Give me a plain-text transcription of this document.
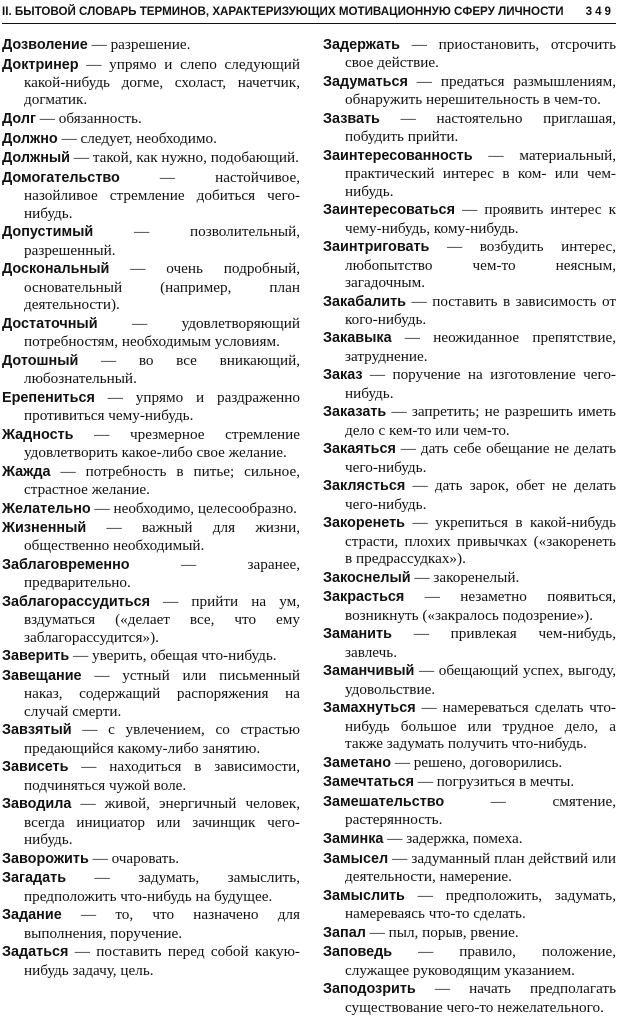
II. БЫТОВОЙ СЛОВАРЬ ТЕРМИНОВ, ХАРАКТЕРИЗУЮЩИХ МОТИВАЦИОННУЮ СФЕРУ ЛИЧНОСТИ 349

Дозволение — разрешение.

Доктринер — упрямо и слепо следующий какой-нибудь догме, схоласт, начетчик, догматик.

Долг — обязанность.

Должно — следует, необходимо.

Должный — такой, как нужно, подобающий.

Домогательство — настойчивое, назойливое стремление добиться чего-нибудь.

Допустимый — позволительный, разрешенный.

Доскональный — очень подробный, основательный (например, план деятельности).

Достаточный — удовлетворяющий потребностям, необходимым условиям.

Дотошный — во все вникающий, любознательный.

Ерепениться — упрямо и раздраженно противиться чему-нибудь.

Жадность — чрезмерное стремление удовлетворить какое-либо свое желание.

Жажда — потребность в питье; сильное, страстное желание.

Желательно — необходимо, целесообразно.

Жизненный — важный для жизни, общественно необходимый.

Заблаговременно — заранее, предварительно.

Заблагорассудиться — прийти на ум, вздуматься («делает все, что ему заблагорассудится»).

Заверить — уверить, обещая что-нибудь.

Завещание — устный или письменный наказ, содержащий распоряжения на случай смерти.

Завзятый — с увлечением, со страстью предающийся какому-либо занятию.

Зависеть — находиться в зависимости, подчиняться чужой воле.

Заводила — живой, энергичный человек, всегда инициатор или зачинщик чего-нибудь.

Заворожить — очаровать.

Загадать — задумать, замыслить, предположить что-нибудь на будущее.

Задание — то, что назначено для выполнения, поручение.

Задаться — поставить перед собой какую-нибудь задачу, цель.

Задержать — приостановить, отсрочить свое действие.

Задуматься — предаться размышлениям, обнаружить нерешительность в чем-то.

Зазвать — настоятельно приглашая, побудить прийти.

Заинтересованность — материальный, практический интерес в ком- или чем-нибудь.

Заинтересоваться — проявить интерес к чему-нибудь, кому-нибудь.

Заинтриговать — возбудить интерес, любопытство чем-то неясным, загадочным.

Закабалить — поставить в зависимость от кого-нибудь.

Закавыка — неожиданное препятствие, затруднение.

Заказ — поручение на изготовление чего-нибудь.

Заказать — запретить; не разрешить иметь дело с кем-то или чем-то.

Закаяться — дать себе обещание не делать чего-нибудь.

Заклясться — дать зарок, обет не делать чего-нибудь.

Закоренеть — укрепиться в какой-нибудь страсти, плохих привычках («закоренеть в предрассудках»).

Закоснелый — закоренелый.

Закрасться — незаметно появиться, возникнуть («закралось подозрение»).

Заманить — привлекая чем-нибудь, завлечь.

Заманчивый — обещающий успех, выгоду, удовольствие.

Замахнуться — намереваться сделать что-нибудь большое или трудное дело, а также задумать получить что-нибудь.

Заметано — решено, договорились.

Замечтаться — погрузиться в мечты.

Замешательство — смятение, растерянность.

Заминка — задержка, помеха.

Замысел — задуманный план действий или деятельности, намерение.

Замыслить — предположить, задумать, намереваясь что-то сделать.

Запал — пыл, порыв, рвение.

Заповедь — правило, положение, служащее руководящим указанием.

Заподозрить — начать предполагать существование чего-то нежелательного.
